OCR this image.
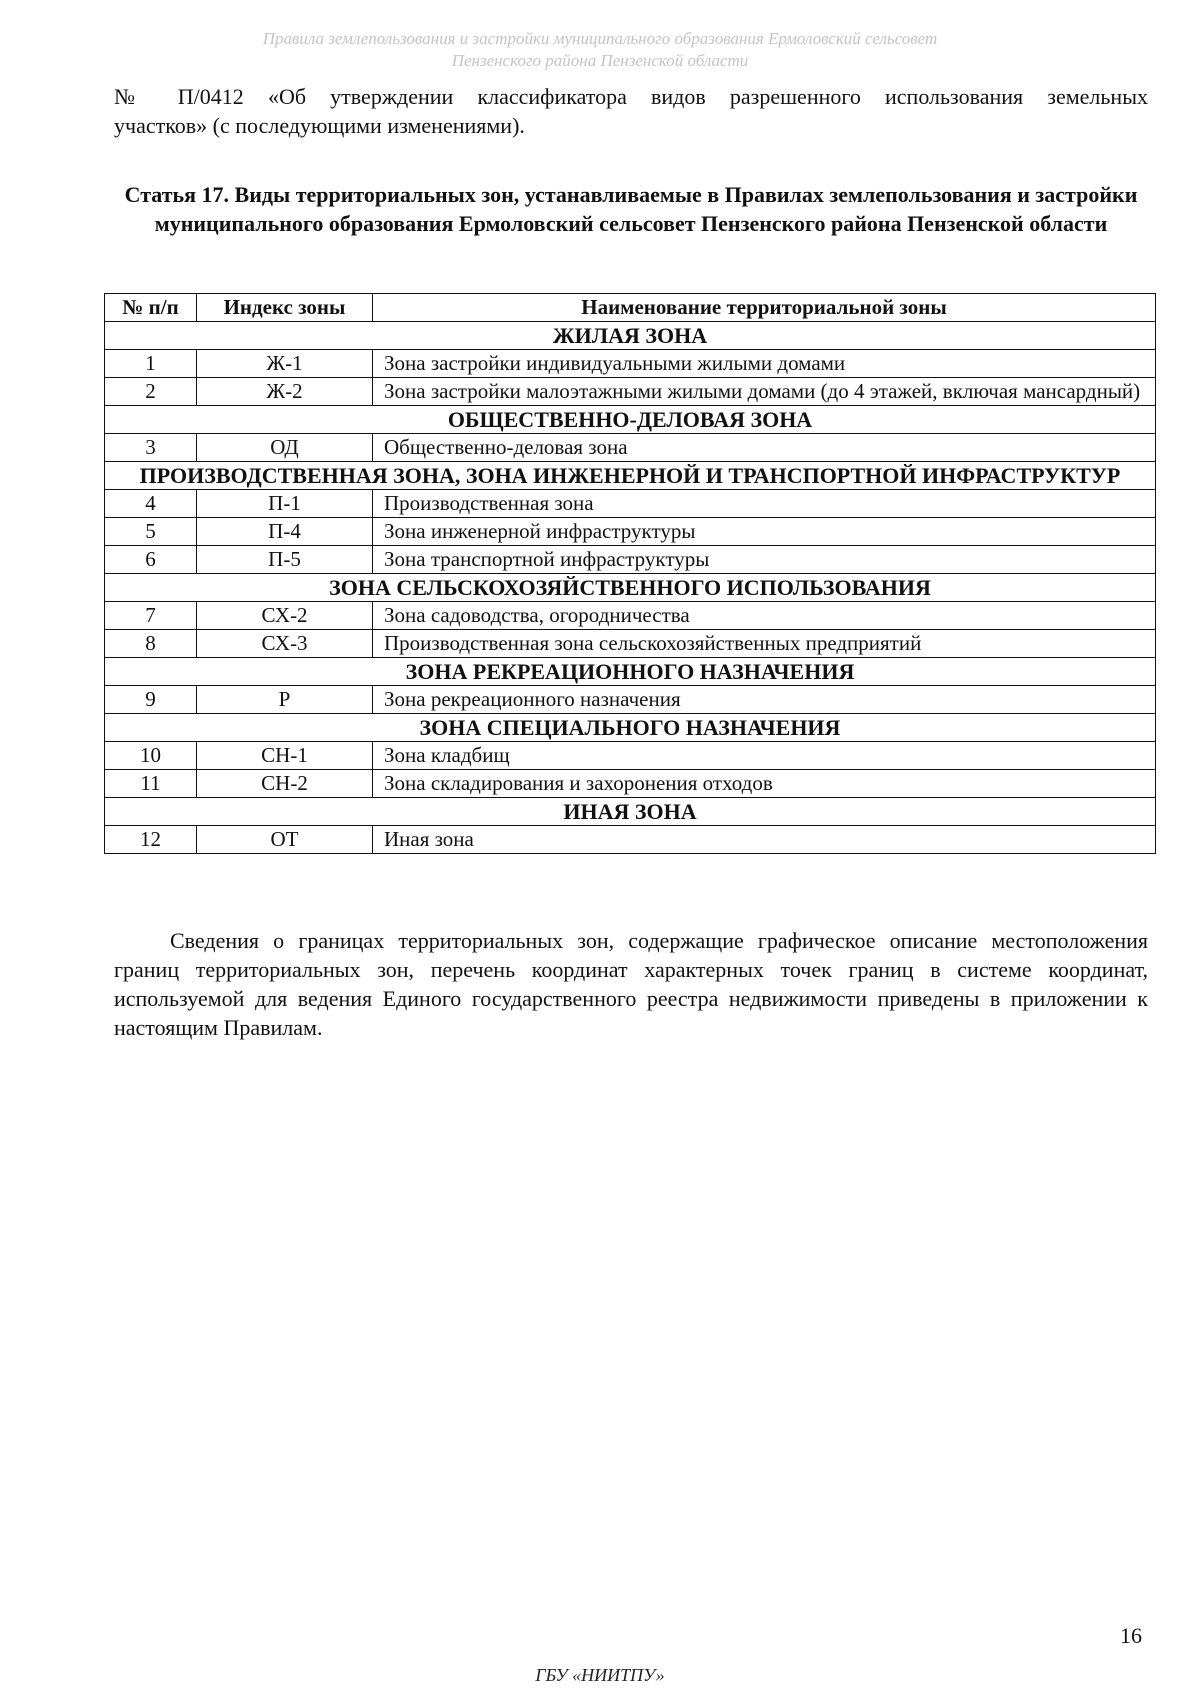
Правила землепользования и застройки муниципального образования Ермоловский сельсовет
Пензенского района Пензенской области

№ П/0412 «Об утверждении классификатора видов разрешенного использования земельных
участков» (с последующими изменениями).

Статья 17. Виды территориальных зон, устанавливаемые в Правилах землепользования и застройки муниципального образования Ермоловский сельсовет Пензенского района Пензенской области
№ п/п	Индекс зоны	Наименование территориальной зоны
ЖИЛАЯ ЗОНА		
1	Ж-1	Зона застройки индивидуальными жилыми домами
2	Ж-2	Зона застройки малоэтажными жилыми домами (до 4 этажей, включая мансардный)
ОБЩЕСТВЕННО-ДЕЛОВАЯ ЗОНА		
3	ОД	Общественно-деловая зона
ПРОИЗВОДСТВЕННАЯ ЗОНА, ЗОНА ИНЖЕНЕРНОЙ И ТРАНСПОРТНОЙ ИНФРАСТРУКТУР		
4	П-1	Производственная зона
5	П-4	Зона инженерной инфраструктуры
6	П-5	Зона транспортной инфраструктуры
ЗОНА СЕЛЬСКОХОЗЯЙСТВЕННОГО ИСПОЛЬЗОВАНИЯ		
7	СХ-2	Зона садоводства, огородничества
8	СХ-3	Производственная зона сельскохозяйственных предприятий
ЗОНА РЕКРЕАЦИОННОГО НАЗНАЧЕНИЯ		
9	Р	Зона рекреационного назначения
ЗОНА СПЕЦИАЛЬНОГО НАЗНАЧЕНИЯ		
10	СН-1	Зона кладбищ
11	СН-2	Зона складирования и захоронения отходов
ИНАЯ ЗОНА		
12	ОТ	Иная зона

Сведения о границах территориальных зон, содержащие графическое описание местоположения границ территориальных зон, перечень координат характерных точек границ в системе координат, используемой для ведения Единого государственного реестра недвижимости приведены в приложении к настоящим Правилам.

16
ГБУ «НИИТПУ»
